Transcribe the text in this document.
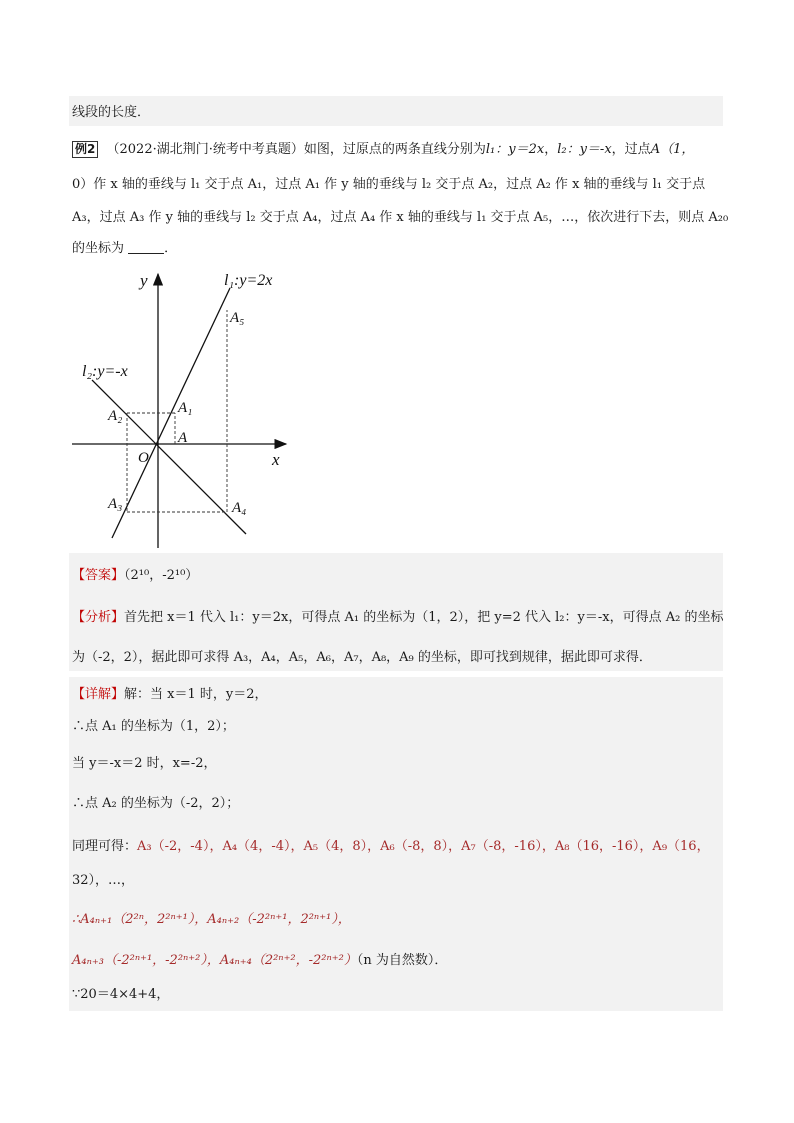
线段的长度．
例2 （2022·湖北荆门·统考中考真题）如图，过原点的两条直线分别为l₁：y＝2x，l₂：y＝-x，过点A（1，
0）作 x 轴的垂线与 l₁ 交于点 A₁，过点 A₁ 作 y 轴的垂线与 l₂ 交于点 A₂，过点 A₂ 作 x 轴的垂线与 l₁ 交于点
A₃，过点 A₃ 作 y 轴的垂线与 l₂ 交于点 A₄，过点 A₄ 作 x 轴的垂线与 l₁ 交于点 A₅，…，依次进行下去，则点 A₂₀
的坐标为	．
y
x
O
l₁:y=2x
l₂:y=-x
A
A₁
A₂
A₃	A₄
A₅
【答案】（2¹⁰，-2¹⁰）
【分析】首先把 x＝1 代入 l₁：y＝2x，可得点 A₁ 的坐标为（1，2），把 y=2 代入 l₂：y＝-x，可得点 A₂ 的坐标
为（-2，2），据此即可求得 A₃，A₄，A₅，A₆，A₇，A₈，A₉ 的坐标，即可找到规律，据此即可求得．
【详解】解：当 x＝1 时，y＝2，
∴点 A₁ 的坐标为（1，2）；
当 y＝-x＝2 时，x=-2，
∴点 A₂ 的坐标为（-2，2）；
同理可得：A₃（-2，-4），A₄（4，-4），A₅（4，8），A₆（-8，8），A₇（-8，-16），A₈（16，-16），A₉（16，
32），…，
∴A₄ₙ₊₁（2²ⁿ，2²ⁿ⁺¹），A₄ₙ₊₂（-2²ⁿ⁺¹，2²ⁿ⁺¹），
A₄ₙ₊₃（-2²ⁿ⁺¹，-2²ⁿ⁺²），A₄ₙ₊₄（2²ⁿ⁺²，-2²ⁿ⁺²）（n 为自然数）．
∵20＝4×4+4，
